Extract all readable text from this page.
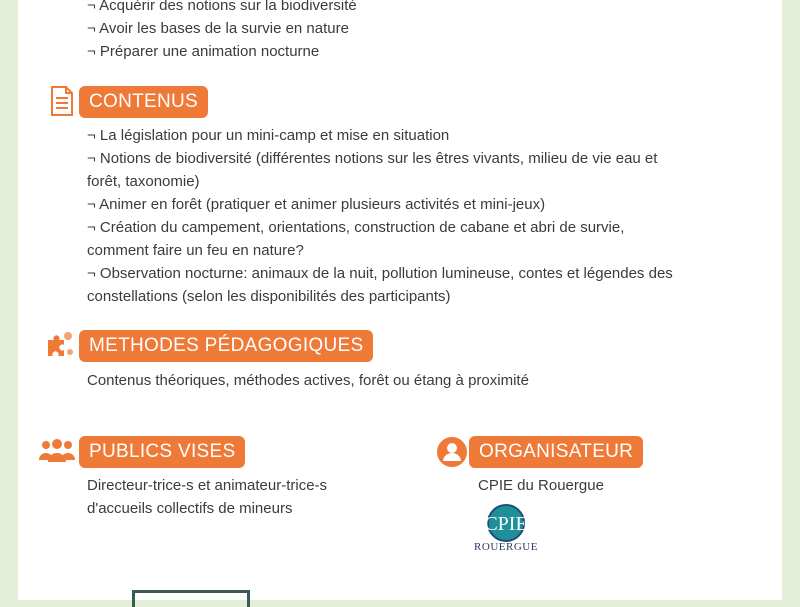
¬ Acquérir des notions sur la biodiversité
¬ Avoir les bases de la survie en nature
¬ Préparer une animation nocturne
CONTENUS
¬ La législation pour un mini-camp et mise en situation
¬ Notions de biodiversité (différentes notions sur les êtres vivants, milieu de vie eau et
forêt, taxonomie)
¬ Animer en forêt (pratiquer et animer plusieurs activités et mini-jeux)
¬ Création du campement, orientations, construction de cabane et abri de survie,
comment faire un feu en nature?
¬ Observation nocturne: animaux de la nuit, pollution lumineuse, contes et légendes des
constellations (selon les disponibilités des participants)
METHODES PÉDAGOGIQUES
Contenus théoriques, méthodes actives, forêt ou étang à proximité
PUBLICS VISES
Directeur-trice-s et animateur-trice-s
d'accueils collectifs de mineurs
ORGANISATEUR
CPIE du Rouergue
CPIE
ROUERGUE
